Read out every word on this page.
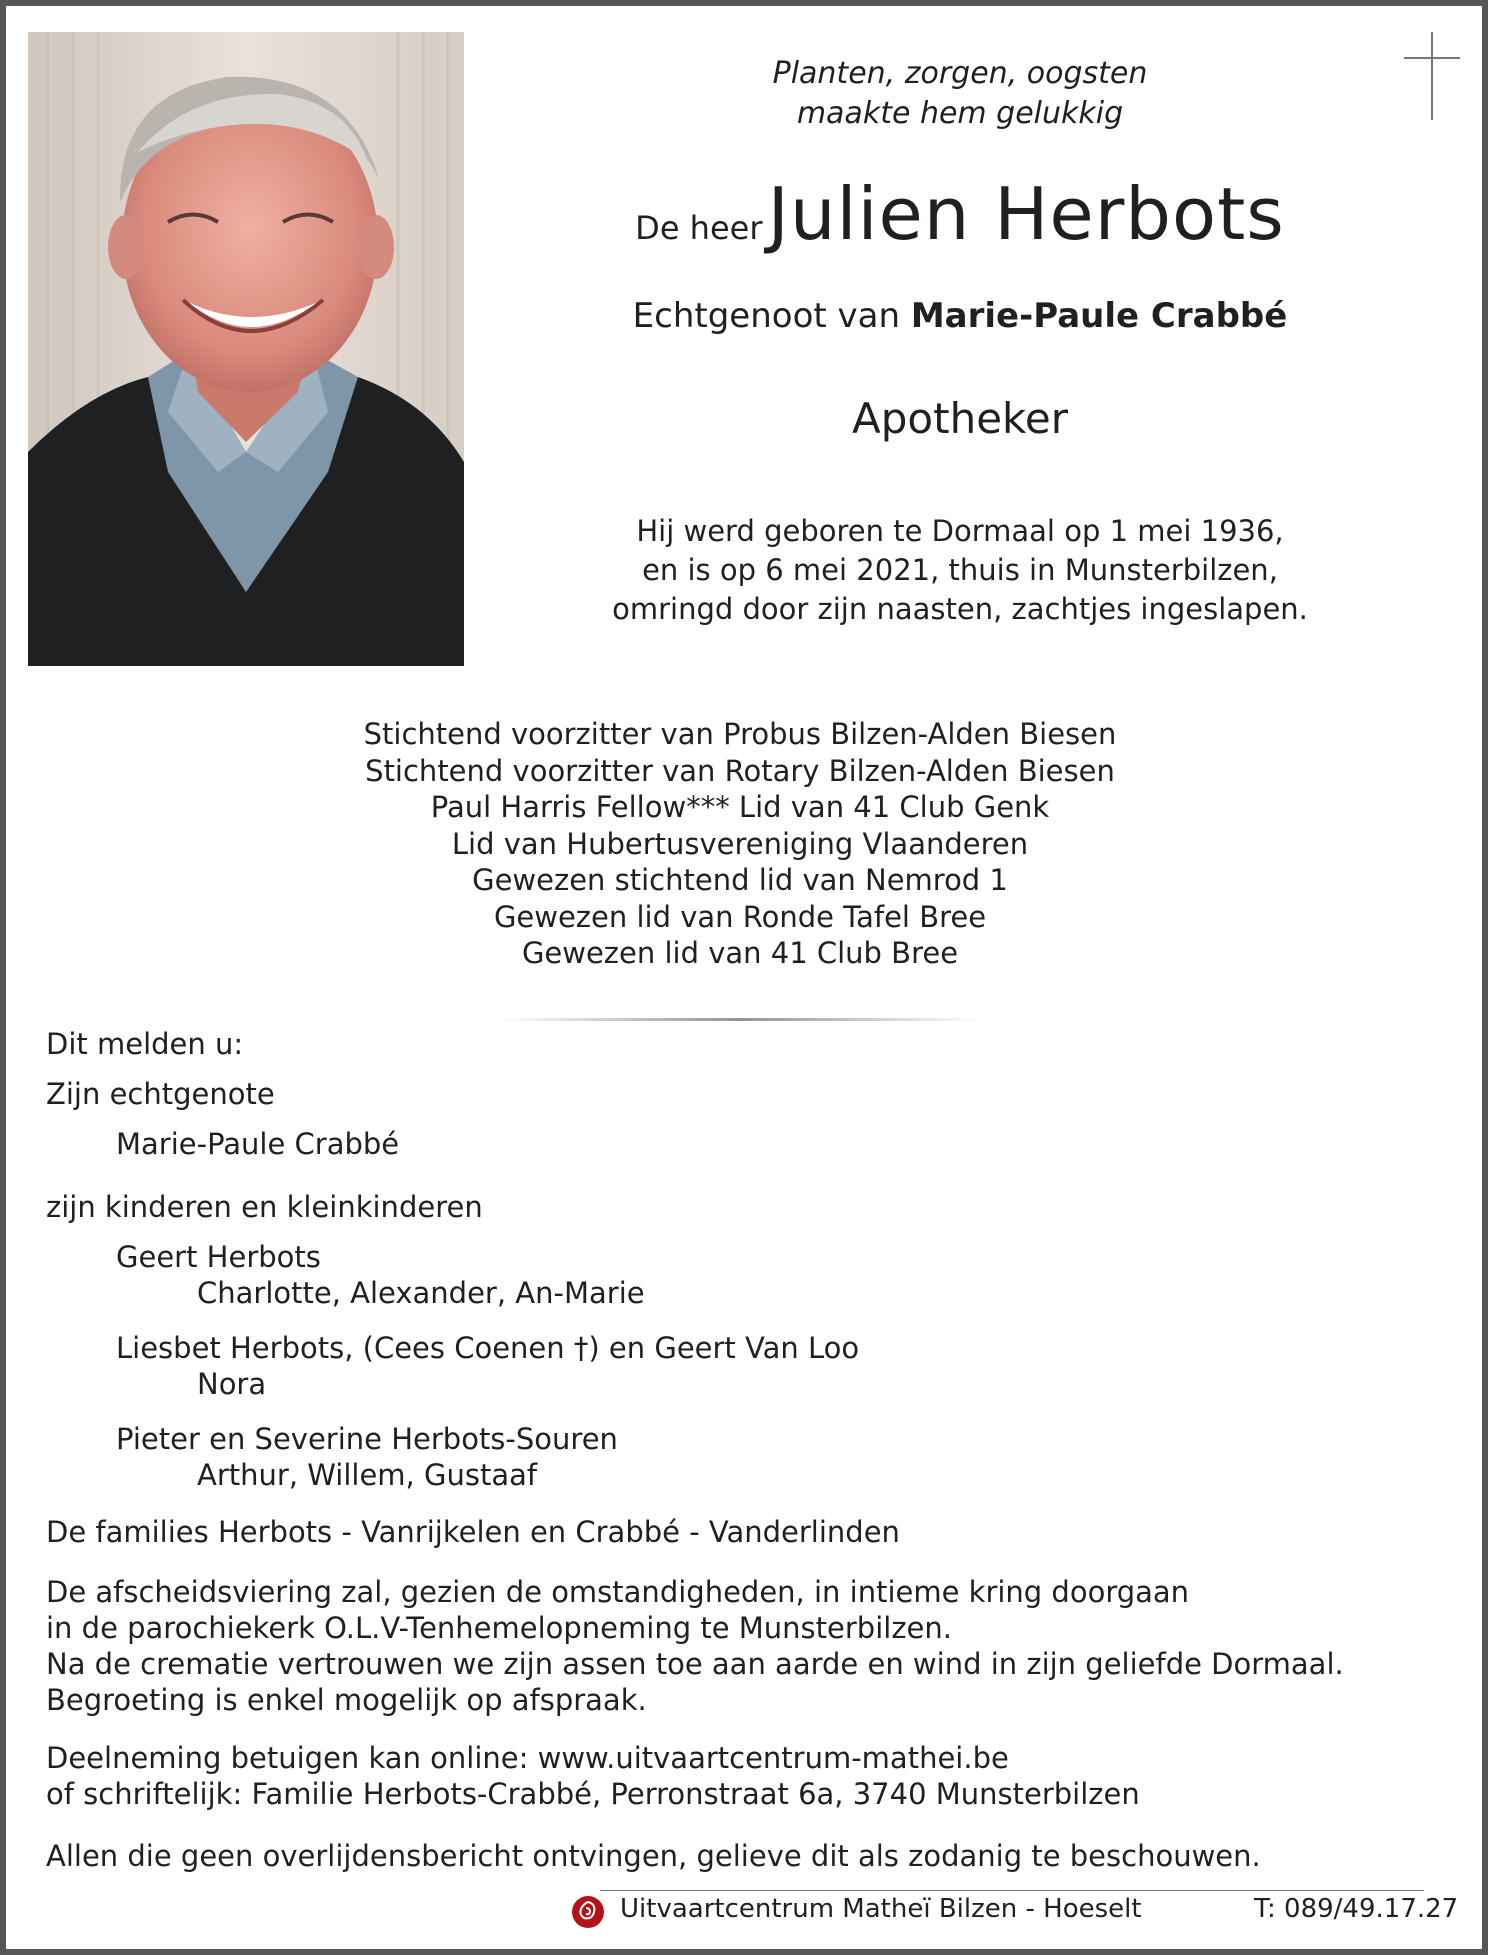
Planten, zorgen, oogsten
maakte hem gelukkig
De heer Julien Herbots
Echtgenoot van Marie-Paule Crabbé
Apotheker
Hij werd geboren te Dormaal op 1 mei 1936,
en is op 6 mei 2021, thuis in Munsterbilzen,
omringd door zijn naasten, zachtjes ingeslapen.
Stichtend voorzitter van Probus Bilzen-Alden Biesen
Stichtend voorzitter van Rotary Bilzen-Alden Biesen
Paul Harris Fellow*** Lid van 41 Club Genk
Lid van Hubertusvereniging Vlaanderen
Gewezen stichtend lid van Nemrod 1
Gewezen lid van Ronde Tafel Bree
Gewezen lid van 41 Club Bree
Dit melden u:
Zijn echtgenote
Marie-Paule Crabbé
zijn kinderen en kleinkinderen
Geert Herbots
Charlotte, Alexander, An-Marie
Liesbet Herbots, (Cees Coenen †) en Geert Van Loo
Nora
Pieter en Severine Herbots-Souren
Arthur, Willem, Gustaaf
De families Herbots - Vanrijkelen en Crabbé - Vanderlinden
De afscheidsviering zal, gezien de omstandigheden, in intieme kring doorgaan
in de parochiekerk O.L.V-Tenhemelopneming te Munsterbilzen.
Na de crematie vertrouwen we zijn assen toe aan aarde en wind in zijn geliefde Dormaal.
Begroeting is enkel mogelijk op afspraak.
Deelneming betuigen kan online: www.uitvaartcentrum-mathei.be
of schriftelijk: Familie Herbots-Crabbé, Perronstraat 6a, 3740 Munsterbilzen
Allen die geen overlijdensbericht ontvingen, gelieve dit als zodanig te beschouwen.
Uitvaartcentrum Matheï Bilzen - Hoeselt	T: 089/49.17.27
